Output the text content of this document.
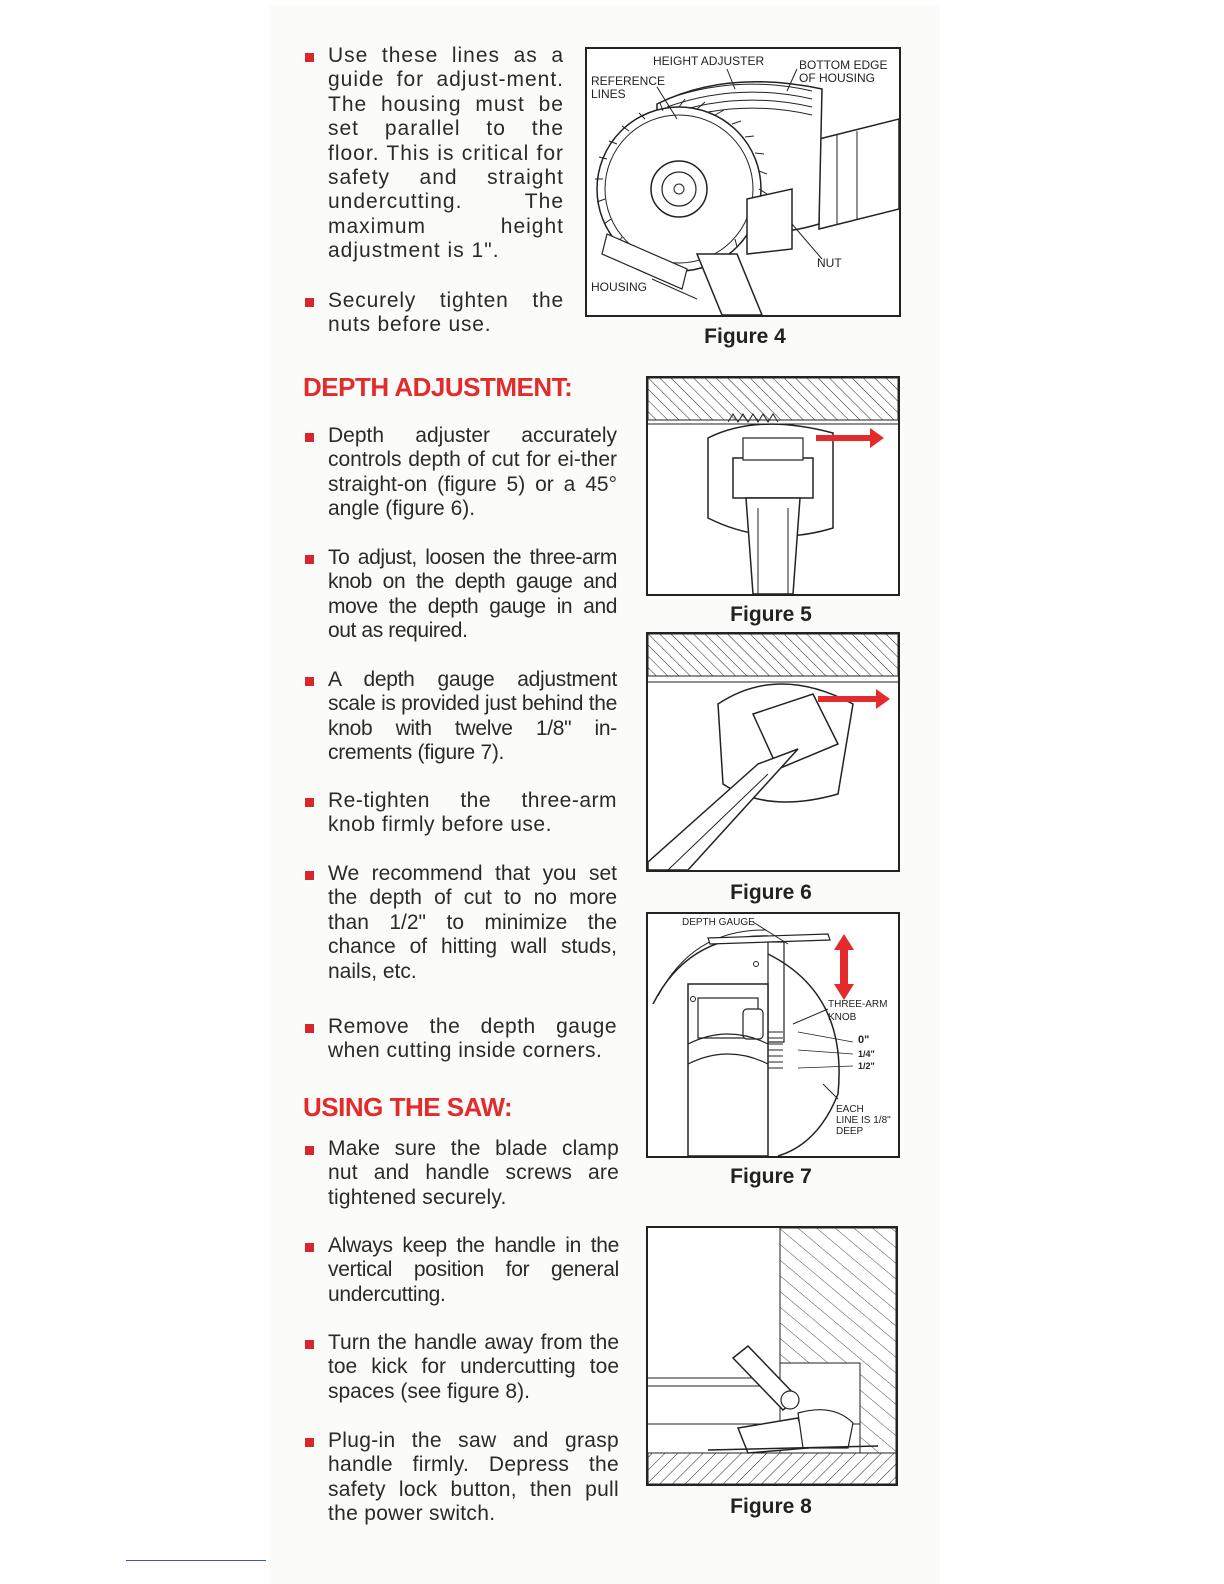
Use these lines as a guide for adjust-ment. The housing must be set parallel to the floor. This is critical for safety and straight undercutting. The maximum height adjustment is 1".
Securely tighten the nuts before use.
DEPTH ADJUSTMENT:
Depth adjuster accurately controls depth of cut for ei-ther straight-on (figure 5) or a 45° angle (figure 6).
To adjust, loosen the three-arm knob on the depth gauge and move the depth gauge in and out as required.
A depth gauge adjustment scale is provided just behind the knob with twelve 1/8" in-crements (figure 7).
Re-tighten the three-arm knob firmly before use.
We recommend that you set the depth of cut to no more than 1/2" to minimize the chance of hitting wall studs, nails, etc.
Remove the depth gauge when cutting inside corners.
USING THE SAW:
Make sure the blade clamp nut and handle screws are tightened securely.
Always keep the handle in the vertical position for general undercutting.
Turn the handle away from the toe kick for undercutting toe spaces (see figure 8).
Plug-in the saw and grasp handle firmly. Depress the safety lock button, then pull the power switch.
HEIGHT ADJUSTER	BOTTOM EDGE
OF HOUSING
REFERENCE
LINES
NUT
HOUSING
Figure 4
Figure 5
Figure 6
DEPTH GAUGE
THREE-ARM
KNOB
0"
1/4"
1/2"
EACH
LINE IS 1/8"
DEEP
Figure 7
Figure 8
